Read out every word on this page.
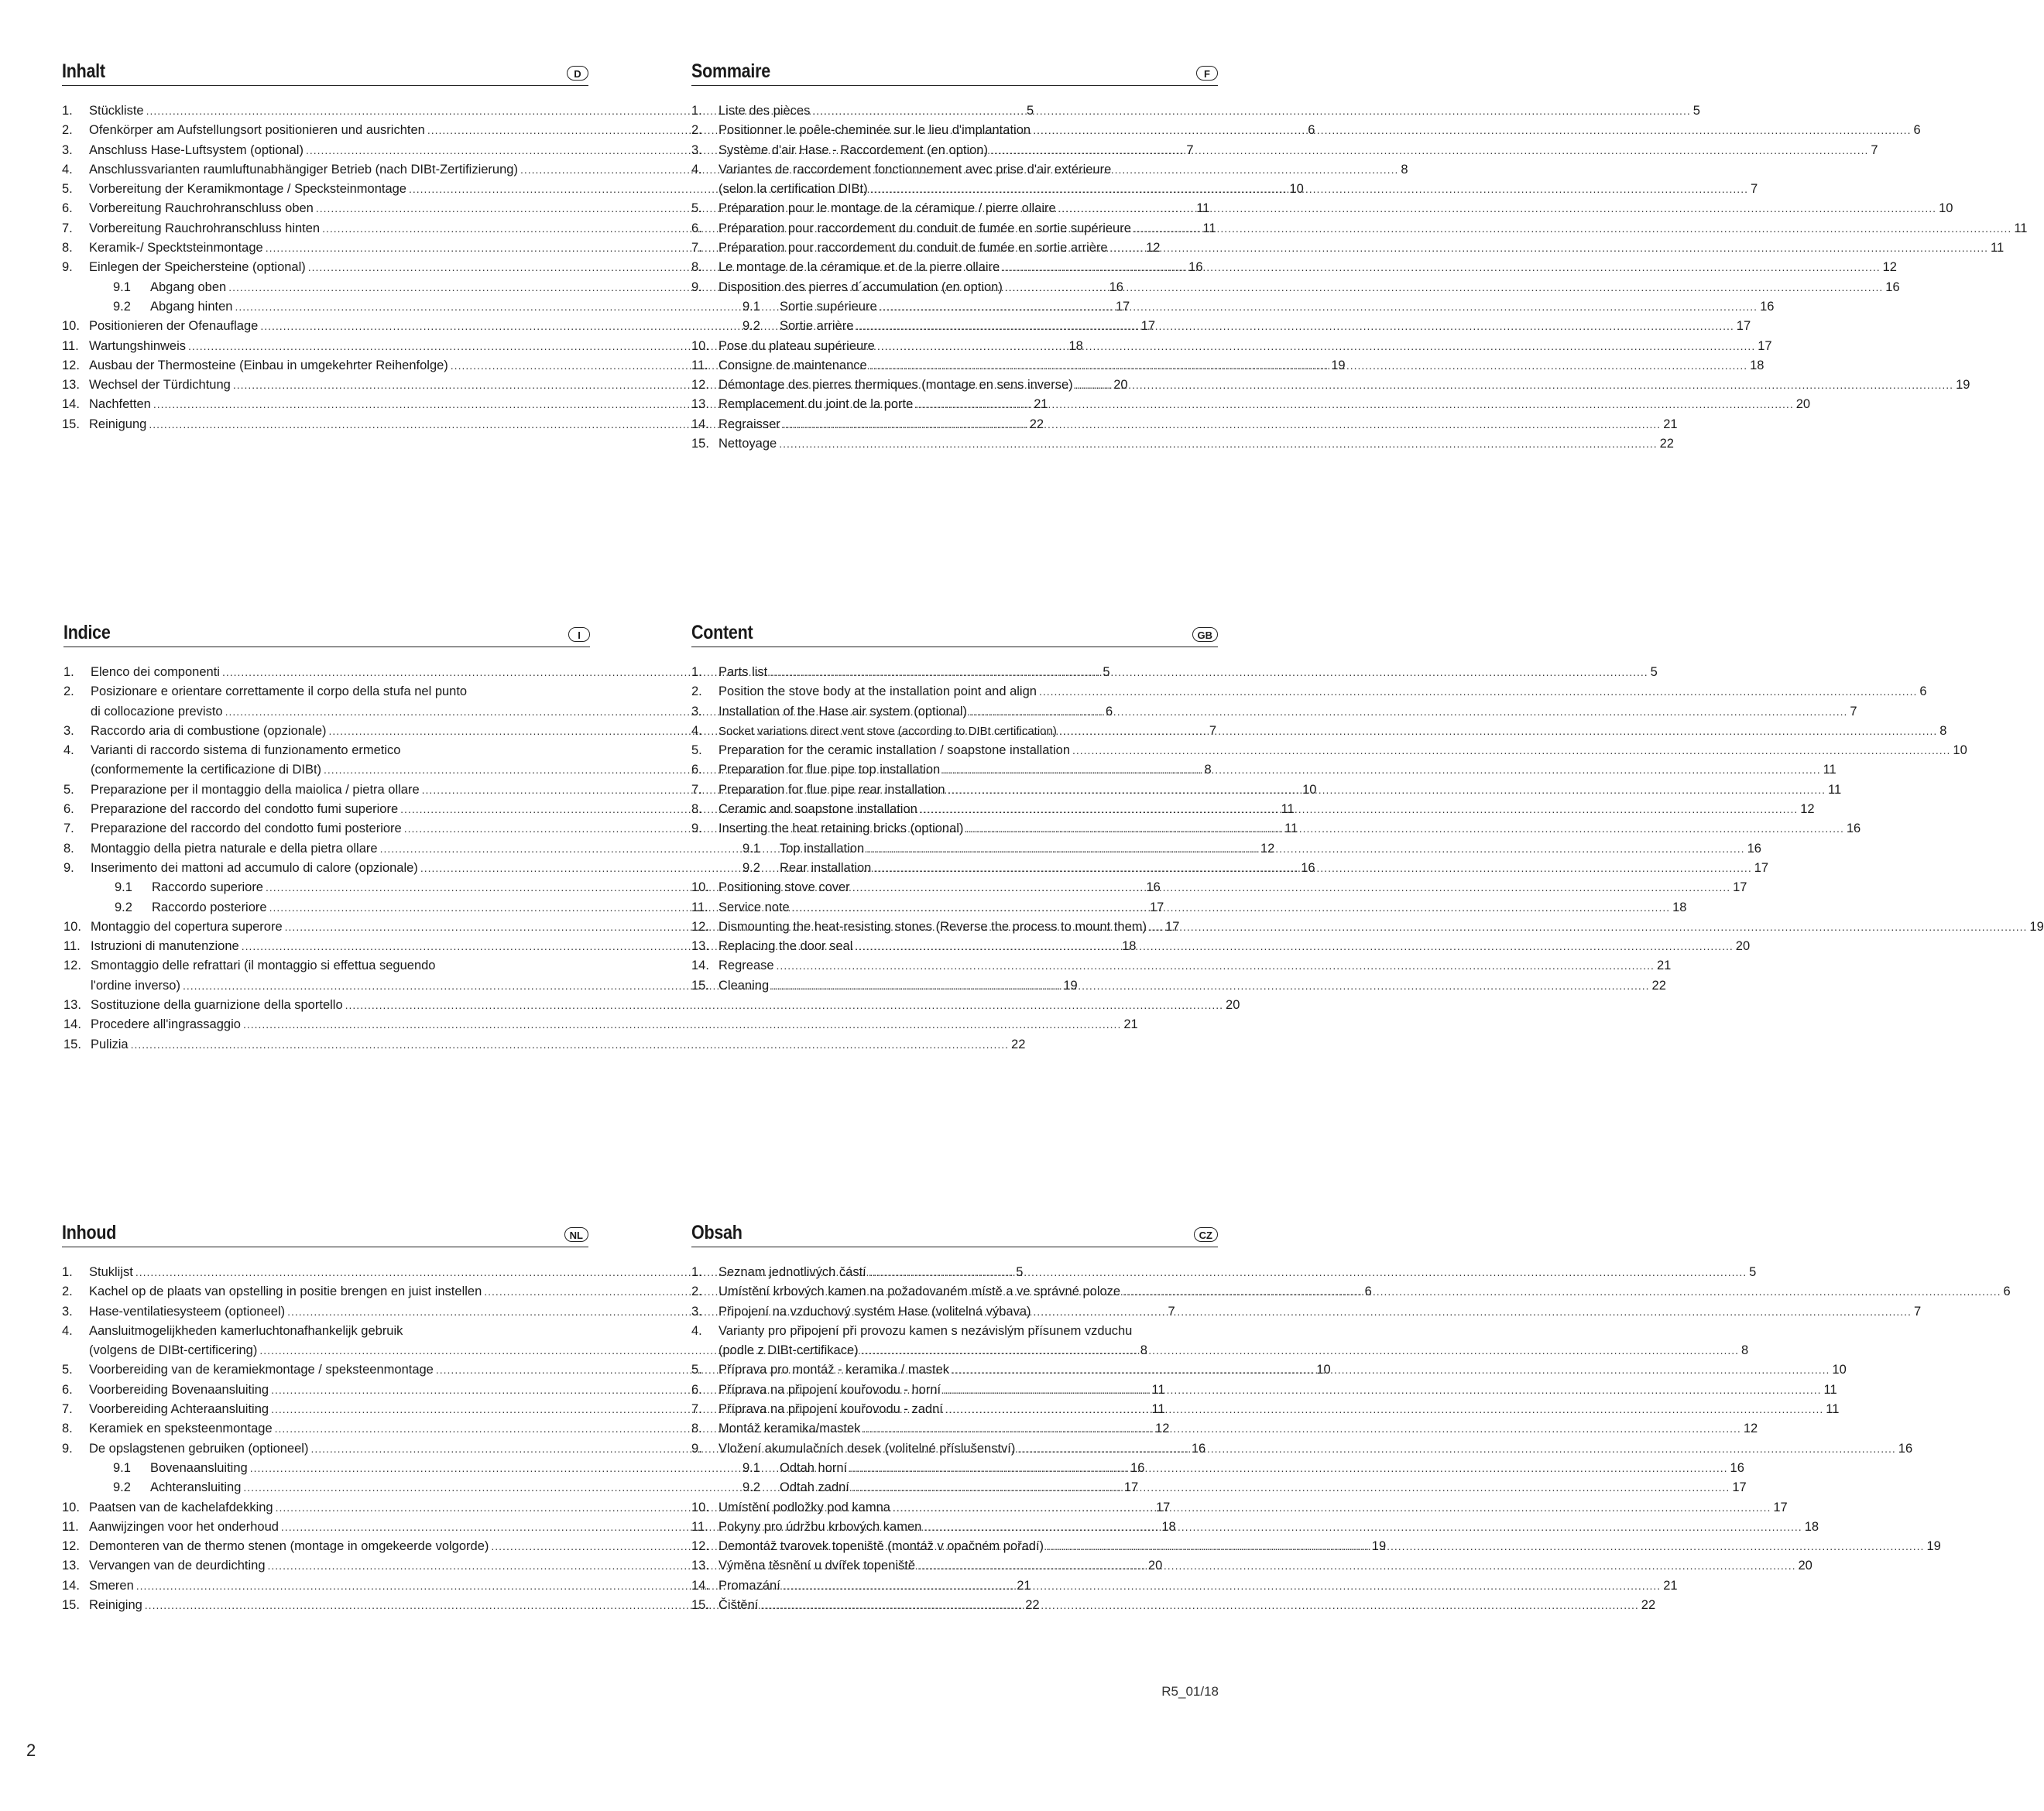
Inhalt	D
1.	Stückliste .....	5
2.	Ofenkörper am Aufstellungsort positionieren und ausrichten .....	6
3.	Anschluss Hase-Luftsystem (optional) .....	7
4.	Anschlussvarianten raumluftunabhängiger Betrieb (nach DIBt-Zertifizierung) .....	8
5.	Vorbereitung der Keramikmontage / Specksteinmontage .....	10
6.	Vorbereitung Rauchrohranschluss oben .....	11
7.	Vorbereitung Rauchrohranschluss hinten .....	11
8.	Keramik-/ Specktsteinmontage .....	12
9.	Einlegen der Speichersteine (optional) .....	16
9.1	Abgang oben .....	16
9.2	Abgang hinten .....	17
10. Positionieren der Ofenauflage .....	17
11. Wartungshinweis .....	18
12. Ausbau der Thermosteine (Einbau in umgekehrter Reihenfolge) .....	19
13. Wechsel der Türdichtung .....	20
14. Nachfetten .....	21
15. Reinigung .....	22
Sommaire	F
1.	Liste des pièces .....	5
2.	Positionner le poêle-cheminée sur le lieu d'implantation .....	6
3.	Système d'air Hase - Raccordement (en option) .....	7
4.	Variantes de raccordement fonctionnement avec prise d'air extérieure
(selon la certification DIBt) .....	7
5.	Préparation pour le montage de la céramique / pierre ollaire .....	10
6.	Préparation pour raccordement du conduit de fumée en sortie supérieure .....	11
7.	Préparation pour raccordement du conduit de fumée en sortie arrière .....	11
8.	Le montage de la céramique et de la pierre ollaire .....	12
9.	Disposition des pierres d´accumulation (en option) .....	16
9.1	Sortie supérieure .....	16
9.2	Sortie arrière .....	17
10. Pose du plateau supérieure .....	17
11. Consigne de maintenance .....	18
12. Démontage des pierres thermiques (montage en sens inverse) .....	19
13. Remplacement du joint de la porte .....	20
14. Regraisser .....	21
15. Nettoyage .....	22
Indice	I
1.	Elenco dei componenti .....	5
2.	Posizionare e orientare correttamente il corpo della stufa nel punto
di collocazione previsto .....	6
3.	Raccordo aria di combustione (opzionale) .....	7
4.	Varianti di raccordo sistema di funzionamento ermetico
(conformemente la certificazione di DIBt) .....	8
5.	Preparazione per il montaggio della maiolica / pietra ollare .....	10
6.	Preparazione del raccordo del condotto fumi superiore .....	11
7.	Preparazione del raccordo del condotto fumi posteriore .....	11
8.	Montaggio della pietra naturale e della pietra ollare .....	12
9.	Inserimento dei mattoni ad accumulo di calore (opzionale) .....	16
9.1	Raccordo superiore .....	16
9.2	Raccordo posteriore .....	17
10. Montaggio del copertura superore .....	17
11. Istruzioni di manutenzione .....	18
12. Smontaggio delle refrattari (il montaggio si effettua seguendo
l'ordine inverso) .....	19
13. Sostituzione della guarnizione della sportello .....	20
14. Procedere all'ingrassaggio .....	21
15. Pulizia .....	22
Content	GB
1.	Parts list .....	5
2.	Position the stove body at the installation point and align .....	6
3.	Installation of the Hase air system (optional) .....	7
4.	Socket variations direct vent stove (according to DIBt certification) .....	8
5.	Preparation for the ceramic installation / soapstone installation .....	10
6.	Preparation for flue pipe top installation .....	11
7.	Preparation for flue pipe rear installation .....	11
8.	Ceramic and soapstone installation .....	12
9.	Inserting the heat retaining bricks (optional) .....	16
9.1	Top installation .....	16
9.2	Rear installation .....	17
10. Positioning stove cover .....	17
11. Service note .....	18
12. Dismounting the heat-resisting stones (Reverse the process to mount them) .....	19
13. Replacing the door seal .....	20
14. Regrease .....	21
15. Cleaning .....	22
Inhoud	NL
1.	Stuklijst .....	5
2.	Kachel op de plaats van opstelling in positie brengen en juist instellen .....	6
3.	Hase-ventilatiesysteem (optioneel) .....	7
4.	Aansluitmogelijkheden kamerluchtonafhankelijk gebruik
(volgens de DIBt-certificering) .....	8
5.	Voorbereiding van de keramiekmontage / speksteenmontage .....	10
6.	Voorbereiding Bovenaansluiting .....	11
7.	Voorbereiding Achteraansluiting .....	11
8.	Keramiek en speksteenmontage .....	12
9.	De opslagstenen gebruiken (optioneel) .....	16
9.1	Bovenaansluiting .....	16
9.2	Achteransluiting .....	17
10. Paatsen van de kachelafdekking .....	17
11. Aanwijzingen voor het onderhoud .....	18
12. Demonteren van de thermo stenen (montage in omgekeerde volgorde) .....	19
13. Vervangen van de deurdichting .....	20
14. Smeren .....	21
15. Reiniging .....	22
Obsah	CZ
1.	Seznam jednotlivých částí .....	5
2.	Umístění krbových kamen na požadovaném místě a ve správné poloze .....	6
3.	Připojení na vzduchový systém Hase (volitelná výbava) .....	7
4.	Varianty pro připojení při provozu kamen s nezávislým přísunem vzduchu
(podle z DIBt-certifikace) .....	8
5.	Příprava pro montáž - keramika / mastek .....	10
6.	Příprava na připojení kouřovodu - horní .....	11
7.	Příprava na připojení kouřovodu - zadní .....	11
8.	Montáž keramika/mastek .....	12
9.	Vložení akumulačních desek (volitelné příslušenství) .....	16
9.1	Odtah horní .....	16
9.2	Odtah zadní .....	17
10. Umístění podložky pod kamna .....	17
11. Pokyny pro údržbu krbových kamen .....	18
12. Demontáž tvarovek topeniště (montáž v opačném pořadí) .....	19
13. Výměna těsnění u dvířek topeniště .....	20
14. Promazání .....	21
15. Čištění .....	22
R5_01/18
2
